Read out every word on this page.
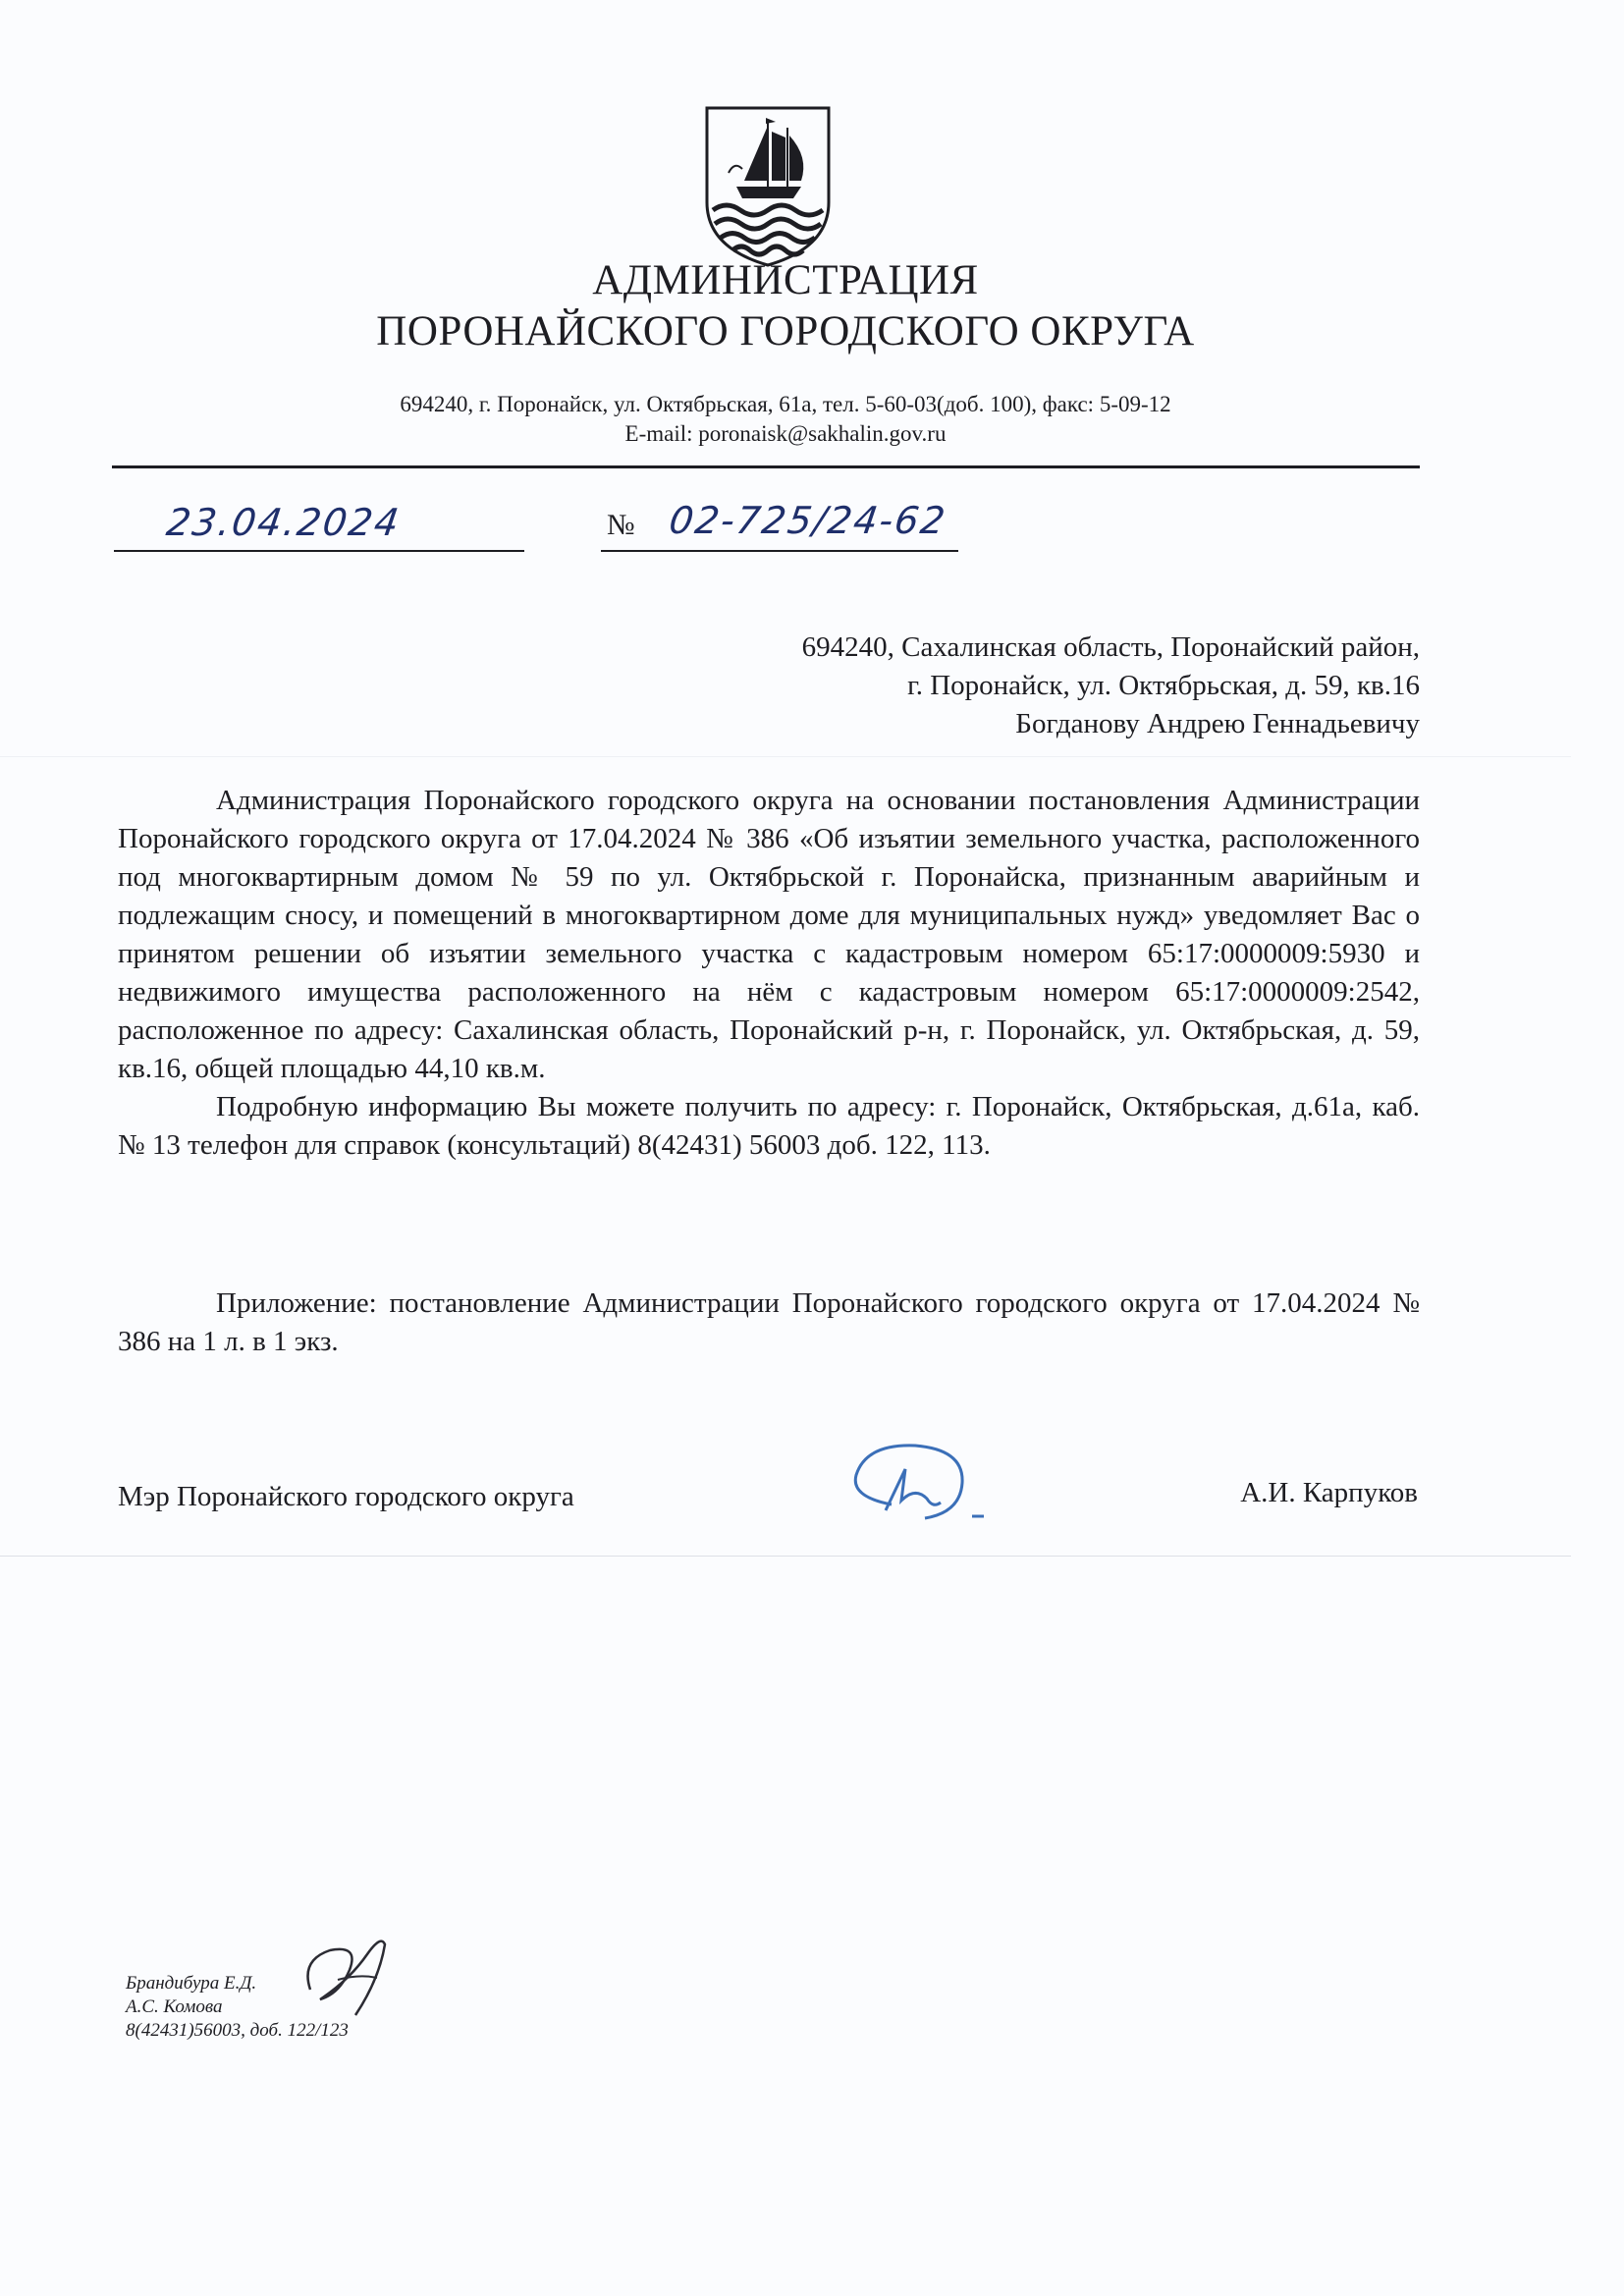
АДМИНИСТРАЦИЯ
ПОРОНАЙСКОГО ГОРОДСКОГО ОКРУГА
694240, г. Поронайск, ул. Октябрьская, 61а, тел. 5-60-03(доб. 100), факс: 5-09-12
E-mail: poronaisk@sakhalin.gov.ru
23.04.2024	№ 02-725/24-62
694240, Сахалинская область, Поронайский район,
г. Поронайск, ул. Октябрьская, д. 59, кв.16
Богданову Андрею Геннадьевичу

Администрация Поронайского городского округа на основании постановления Администрации Поронайского городского округа от 17.04.2024 № 386 «Об изъятии земельного участка, расположенного под многоквартирным домом № 59 по ул. Октябрьской г. Поронайска, признанным аварийным и подлежащим сносу, и помещений в многоквартирном доме для муниципальных нужд» уведомляет Вас о принятом решении об изъятии земельного участка с кадастровым номером 65:17:0000009:5930 и недвижимого имущества расположенного на нём с кадастровым номером 65:17:0000009:2542, расположенное по адресу: Сахалинская область, Поронайский р-н, г. Поронайск, ул. Октябрьская, д. 59, кв.16, общей площадью 44,10 кв.м.

Подробную информацию Вы можете получить по адресу: г. Поронайск, Октябрьская, д.61а, каб. № 13 телефон для справок (консультаций) 8(42431) 56003 доб. 122, 113.

Приложение: постановление Администрации Поронайского городского округа от 17.04.2024 № 386 на 1 л. в 1 экз.

Мэр Поронайского городского округа	А.И. Карпуков
Брандибура Е.Д.
А.С. Комова
8(42431)56003, доб. 122/123
